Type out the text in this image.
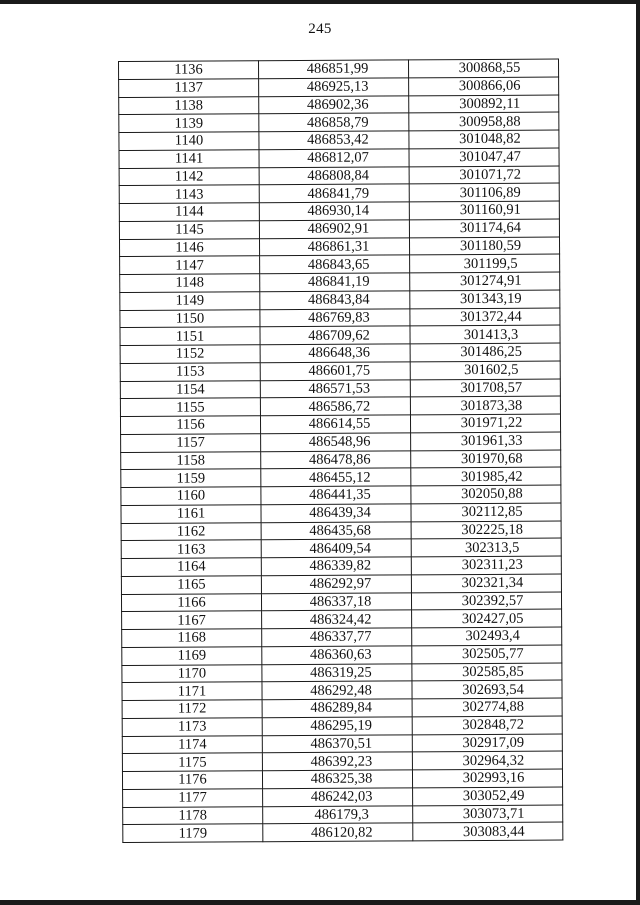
245
1136	486851,99	300868,55
1137	486925,13	300866,06
1138	486902,36	300892,11
1139	486858,79	300958,88
1140	486853,42	301048,82
1141	486812,07	301047,47
1142	486808,84	301071,72
1143	486841,79	301106,89
1144	486930,14	301160,91
1145	486902,91	301174,64
1146	486861,31	301180,59
1147	486843,65	301199,5
1148	486841,19	301274,91
1149	486843,84	301343,19
1150	486769,83	301372,44
1151	486709,62	301413,3
1152	486648,36	301486,25
1153	486601,75	301602,5
1154	486571,53	301708,57
1155	486586,72	301873,38
1156	486614,55	301971,22
1157	486548,96	301961,33
1158	486478,86	301970,68
1159	486455,12	301985,42
1160	486441,35	302050,88
1161	486439,34	302112,85
1162	486435,68	302225,18
1163	486409,54	302313,5
1164	486339,82	302311,23
1165	486292,97	302321,34
1166	486337,18	302392,57
1167	486324,42	302427,05
1168	486337,77	302493,4
1169	486360,63	302505,77
1170	486319,25	302585,85
1171	486292,48	302693,54
1172	486289,84	302774,88
1173	486295,19	302848,72
1174	486370,51	302917,09
1175	486392,23	302964,32
1176	486325,38	302993,16
1177	486242,03	303052,49
1178	486179,3	303073,71
1179	486120,82	303083,44
